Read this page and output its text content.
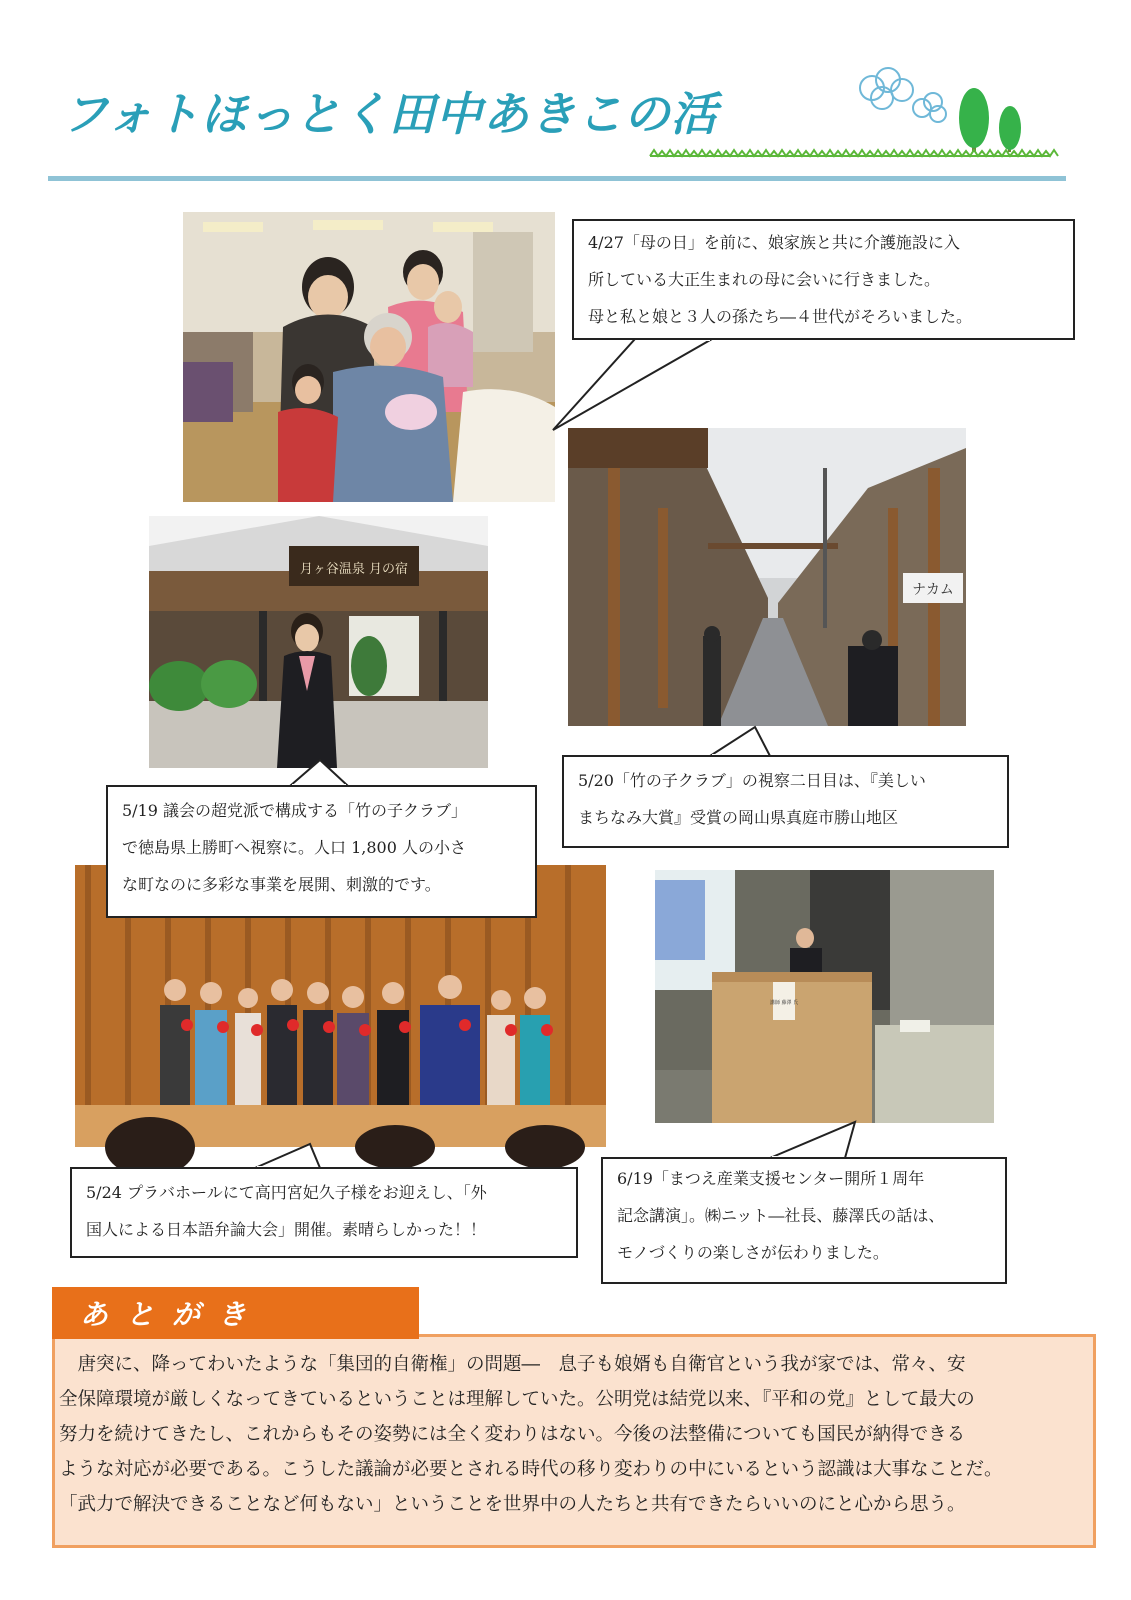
フォトほっとく田中あきこの活
月ヶ谷温泉 月の宿
ナカム
講師 藤澤 氏
4/27「母の日」を前に、娘家族と共に介護施設に入
所している大正生まれの母に会いに行きました。
母と私と娘と３人の孫たち―４世代がそろいました。
5/19 議会の超党派で構成する「竹の子クラブ」
で徳島県上勝町へ視察に。人口 1,800 人の小さ
な町なのに多彩な事業を展開、刺激的です。
5/20「竹の子クラブ」の視察二日目は、『美しい
まちなみ大賞』受賞の岡山県真庭市勝山地区
5/24 プラバホールにて高円宮妃久子様をお迎えし、「外
国人による日本語弁論大会」開催。素晴らしかった！！
6/19「まつえ産業支援センター開所１周年
記念講演」。㈱ニット―社長、藤澤氏の話は、
モノづくりの楽しさが伝わりました。
　唐突に、降ってわいたような「集団的自衛権」の問題―　息子も娘婿も自衛官という我が家では、常々、安
全保障環境が厳しくなってきているということは理解していた。公明党は結党以来、『平和の党』として最大の
努力を続けてきたし、これからもその姿勢には全く変わりはない。今後の法整備についても国民が納得できる
ような対応が必要である。こうした議論が必要とされる時代の移り変わりの中にいるという認識は大事なことだ。
「武力で解決できることなど何もない」ということを世界中の人たちと共有できたらいいのにと心から思う。
あとがき
